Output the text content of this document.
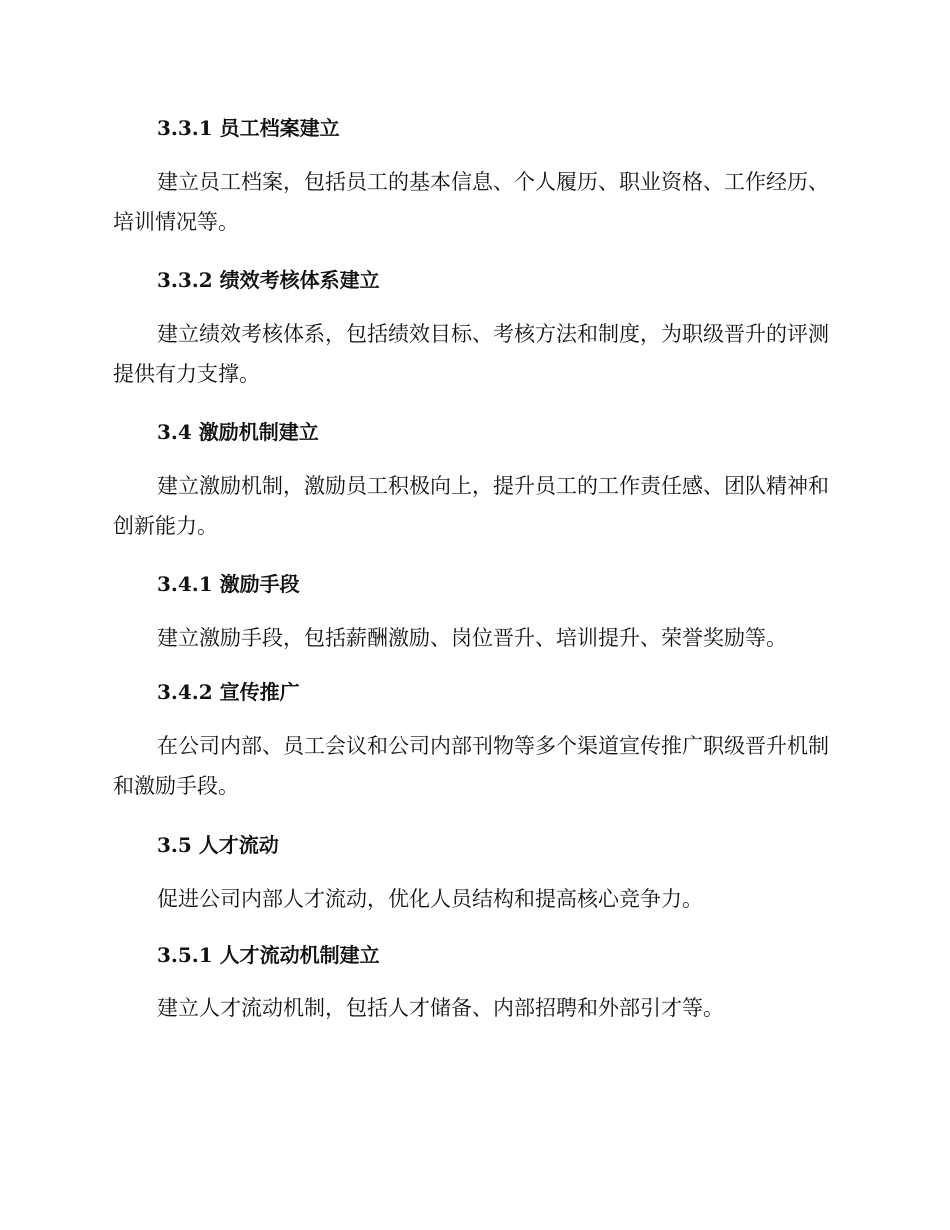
3.3.1 员工档案建立

建立员工档案，包括员工的基本信息、个人履历、职业资格、工作经历、培训情况等。

3.3.2 绩效考核体系建立

建立绩效考核体系，包括绩效目标、考核方法和制度，为职级晋升的评测提供有力支撑。

3.4 激励机制建立

建立激励机制，激励员工积极向上，提升员工的工作责任感、团队精神和创新能力。

3.4.1 激励手段

建立激励手段，包括薪酬激励、岗位晋升、培训提升、荣誉奖励等。

3.4.2 宣传推广

在公司内部、员工会议和公司内部刊物等多个渠道宣传推广职级晋升机制和激励手段。

3.5 人才流动

促进公司内部人才流动，优化人员结构和提高核心竞争力。

3.5.1 人才流动机制建立

建立人才流动机制，包括人才储备、内部招聘和外部引才等。
